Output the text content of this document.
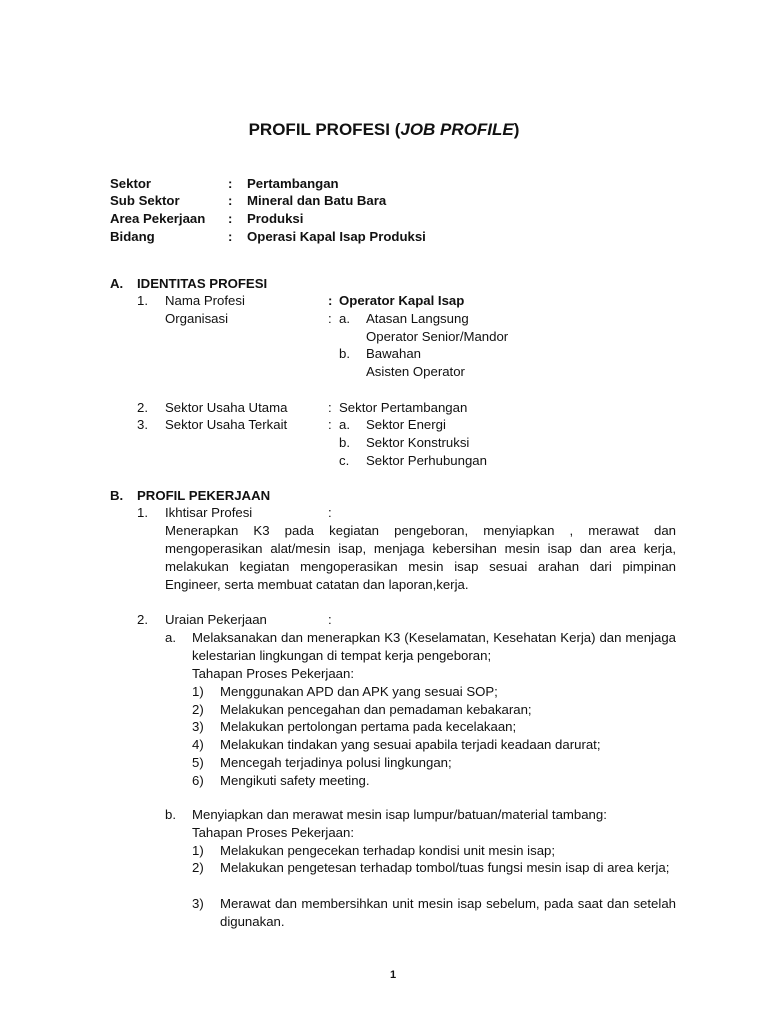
PROFIL PROFESI (JOB PROFILE)
Sektor	: Pertambangan
Sub Sektor	: Mineral dan Batu Bara
Area Pekerjaan : Produksi
Bidang	: Operasi Kapal Isap Produksi
A. IDENTITAS PROFESI
1. Nama Profesi	: Operator Kapal Isap
Organisasi	: a. Atasan Langsung
Operator Senior/Mandor
b. Bawahan
Asisten Operator
2. Sektor Usaha Utama	: Sektor Pertambangan
3. Sektor Usaha Terkait	: a. Sektor Energi
b. Sektor Konstruksi
c. Sektor Perhubungan
B. PROFIL PEKERJAAN
1. Ikhtisar Profesi	:
Menerapkan K3 pada kegiatan pengeboran, menyiapkan , merawat dan mengoperasikan alat/mesin isap, menjaga kebersihan mesin isap dan area kerja, melakukan kegiatan mengoperasikan mesin isap sesuai arahan dari pimpinan Engineer, serta membuat catatan dan laporan,kerja.
2. Uraian Pekerjaan	:
a. Melaksanakan dan menerapkan K3 (Keselamatan, Kesehatan Kerja) dan menjaga kelestarian lingkungan di tempat kerja pengeboran;
Tahapan Proses Pekerjaan:
1) Menggunakan APD dan APK yang sesuai SOP;
2) Melakukan pencegahan dan pemadaman kebakaran;
3) Melakukan pertolongan pertama pada kecelakaan;
4) Melakukan tindakan yang sesuai apabila terjadi keadaan darurat;
5) Mencegah terjadinya polusi lingkungan;
6) Mengikuti safety meeting.
b. Menyiapkan dan merawat mesin isap lumpur/batuan/material tambang:
Tahapan Proses Pekerjaan:
1) Melakukan pengecekan terhadap kondisi unit mesin isap;
2) Melakukan pengetesan terhadap tombol/tuas fungsi mesin isap di area kerja;
3) Merawat dan membersihkan unit mesin isap sebelum, pada saat dan setelah digunakan.
1
